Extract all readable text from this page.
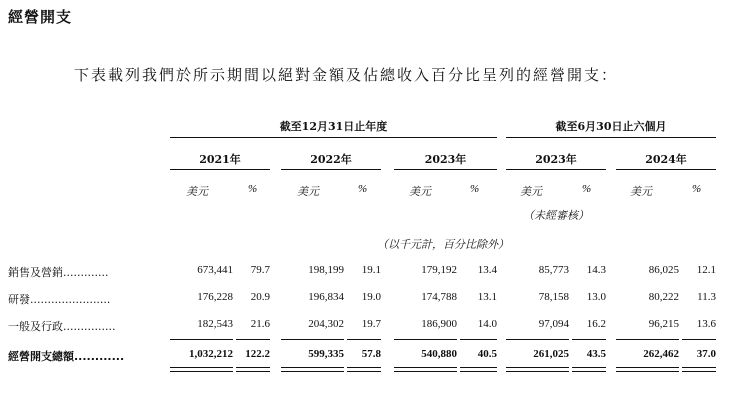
經營開支
下表載列我們於所示期間以絕對金額及佔總收入百分比呈列的經營開支：
截至12月31日止年度	截至6月30日止六個月
2021年	2022年	2023年	2023年	2024年
美元	%	美元	%	美元	%	美元	%	美元	%
（未經審核）
（以千元計，百分比除外）
銷售及營銷.............	673,441	79.7	198,199	19.1	179,192	13.4	85,773	14.3	86,025	12.1
研發.......................	176,228	20.9	196,834	19.0	174,788	13.1	78,158	13.0	80,222	11.3
一般及行政...............	182,543	21.6	204,302	19.7	186,900	14.0	97,094	16.2	96,215	13.6
經營開支總額............	1,032,212	122.2	599,335	57.8	540,880	40.5	261,025	43.5	262,462	37.0
